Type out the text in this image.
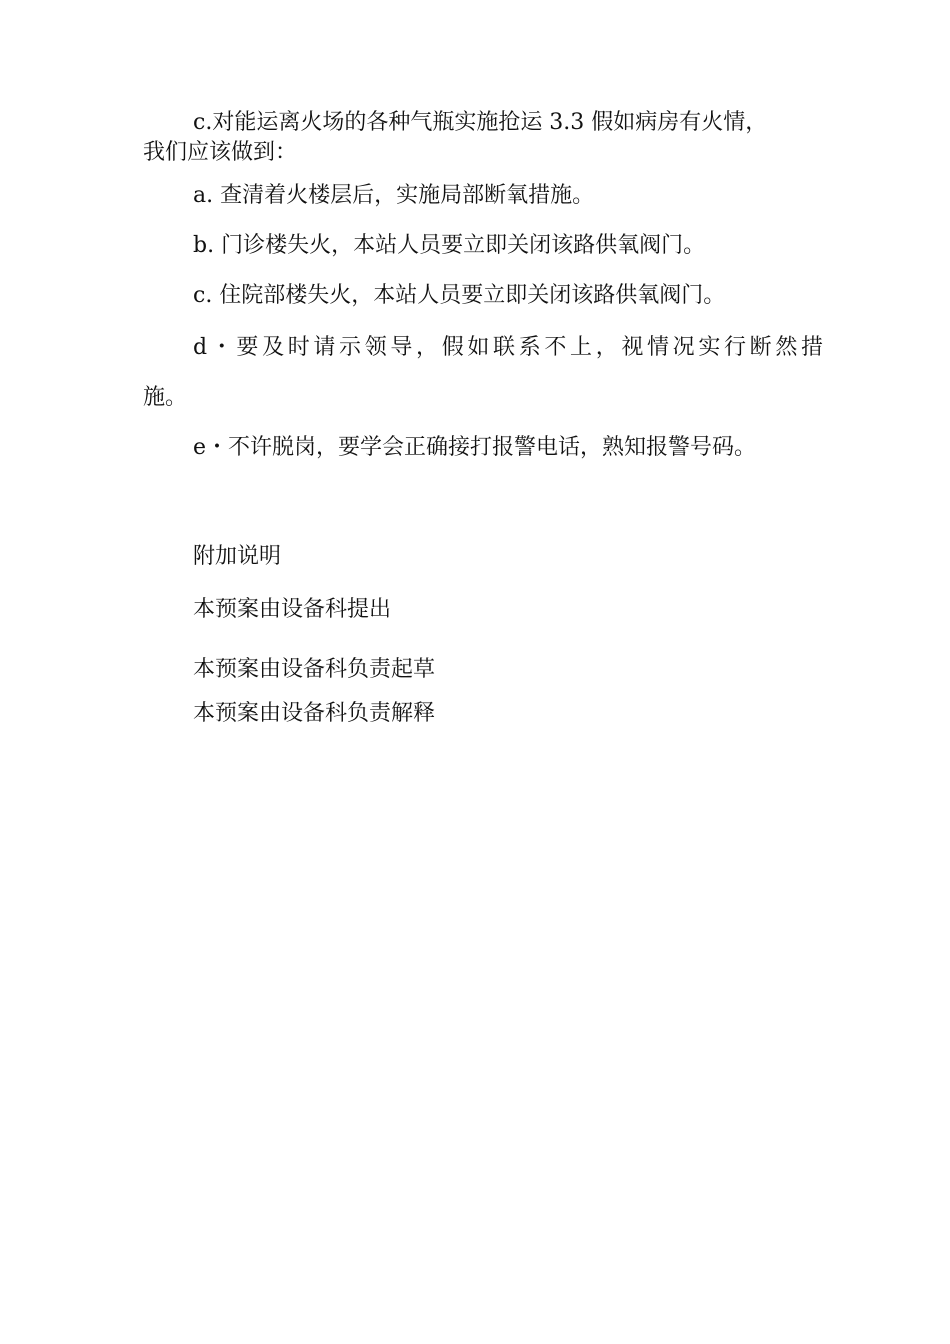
c.对能运离火场的各种气瓶实施抢运 3.3 假如病房有火情，
我们应该做到：
a. 查清着火楼层后，实施局部断氧措施。
b. 门诊楼失火，本站人员要立即关闭该路供氧阀门。
c. 住院部楼失火，本站人员要立即关闭该路供氧阀门。
d・要及时请示领导，假如联系不上，视情况实行断然措
施。
e・不许脱岗，要学会正确接打报警电话，熟知报警号码。
附加说明
本预案由设备科提出
本预案由设备科负责起草
本预案由设备科负责解释
